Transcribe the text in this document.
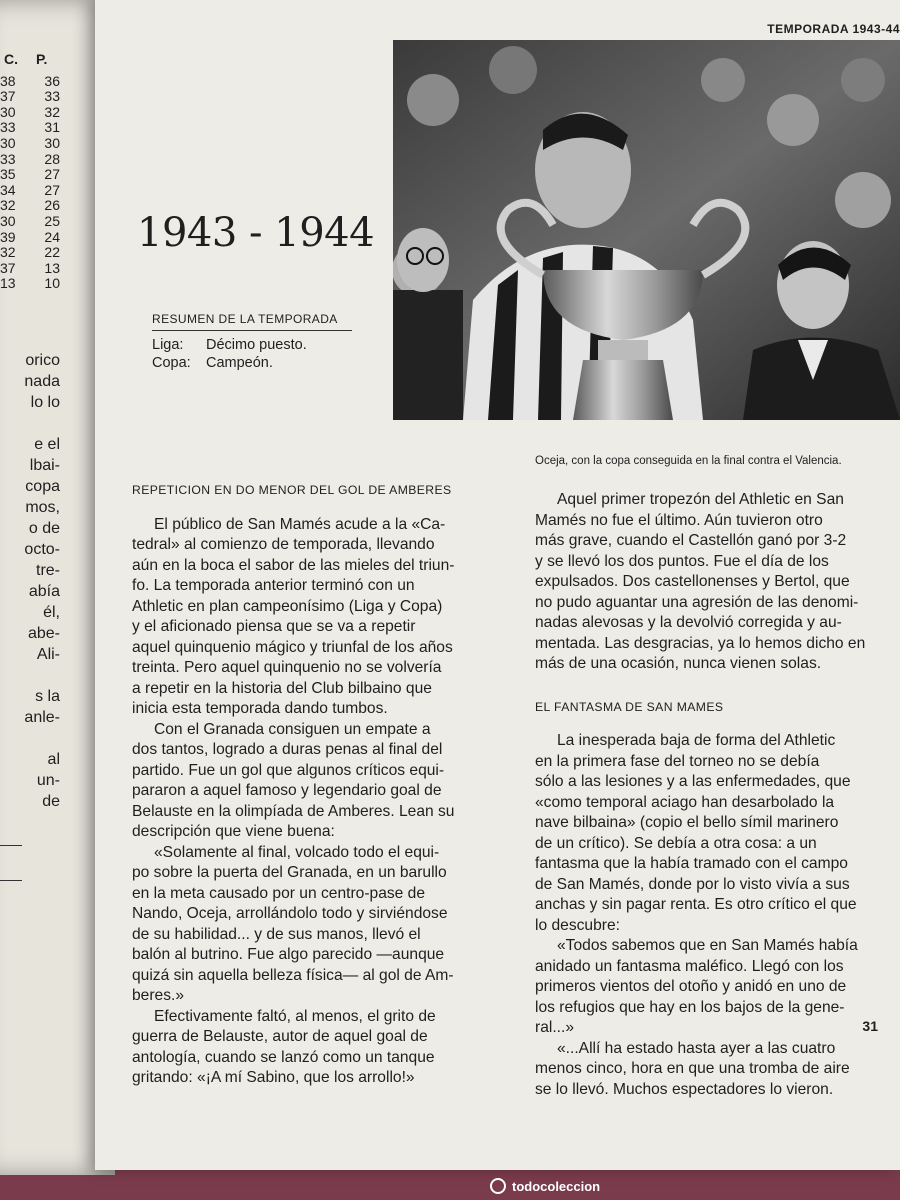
C. P.
38 36
37 33
30 32
33 31
30 30
33 28
35 27
34 27
32 26
30 25
39 24
32 22
37 13
13 10
orico
nada
lo lo
e el
lbai-
copa
mos,
o de
octo-
tre-
abía
él,
abe-
Ali-
s la
anle-
al
un-
de
TEMPORADA 1943-44
Oceja, con la copa conseguida en la final contra el Valencia.
1943 - 1944
RESUMEN DE LA TEMPORADA
Liga:	Décimo puesto.
Copa:	Campeón.
REPETICION EN DO MENOR DEL GOL DE AMBERES
El público de San Mamés acude a la «Ca-
tedral» al comienzo de temporada, llevando
aún en la boca el sabor de las mieles del triun-
fo. La temporada anterior terminó con un
Athletic en plan campeonísimo (Liga y Copa)
y el aficionado piensa que se va a repetir
aquel quinquenio mágico y triunfal de los años
treinta. Pero aquel quinquenio no se volvería
a repetir en la historia del Club bilbaino que
inicia esta temporada dando tumbos.
Con el Granada consiguen un empate a
dos tantos, logrado a duras penas al final del
partido. Fue un gol que algunos críticos equi-
pararon a aquel famoso y legendario goal de
Belauste en la olimpíada de Amberes. Lean su
descripción que viene buena:
«Solamente al final, volcado todo el equi-
po sobre la puerta del Granada, en un barullo
en la meta causado por un centro-pase de
Nando, Oceja, arrollándolo todo y sirviéndose
de su habilidad... y de sus manos, llevó el
balón al butrino. Fue algo parecido —aunque
quizá sin aquella belleza física— al gol de Am-
beres.»
Efectivamente faltó, al menos, el grito de
guerra de Belauste, autor de aquel goal de
antología, cuando se lanzó como un tanque
gritando: «¡A mí Sabino, que los arrollo!»
Aquel primer tropezón del Athletic en San
Mamés no fue el último. Aún tuvieron otro
más grave, cuando el Castellón ganó por 3-2
y se llevó los dos puntos. Fue el día de los
expulsados. Dos castellonenses y Bertol, que
no pudo aguantar una agresión de las denomi-
nadas alevosas y la devolvió corregida y au-
mentada. Las desgracias, ya lo hemos dicho en
más de una ocasión, nunca vienen solas.
EL FANTASMA DE SAN MAMES
La inesperada baja de forma del Athletic
en la primera fase del torneo no se debía
sólo a las lesiones y a las enfermedades, que
«como temporal aciago han desarbolado la
nave bilbaina» (copio el bello símil marinero
de un crítico). Se debía a otra cosa: a un
fantasma que la había tramado con el campo
de San Mamés, donde por lo visto vivía a sus
anchas y sin pagar renta. Es otro crítico el que
lo descubre:
«Todos sabemos que en San Mamés había
anidado un fantasma maléfico. Llegó con los
primeros vientos del otoño y anidó en uno de
los refugios que hay en los bajos de la gene-
ral...»
«...Allí ha estado hasta ayer a las cuatro
menos cinco, hora en que una tromba de aire
se lo llevó. Muchos espectadores lo vieron.
31
todocoleccion
